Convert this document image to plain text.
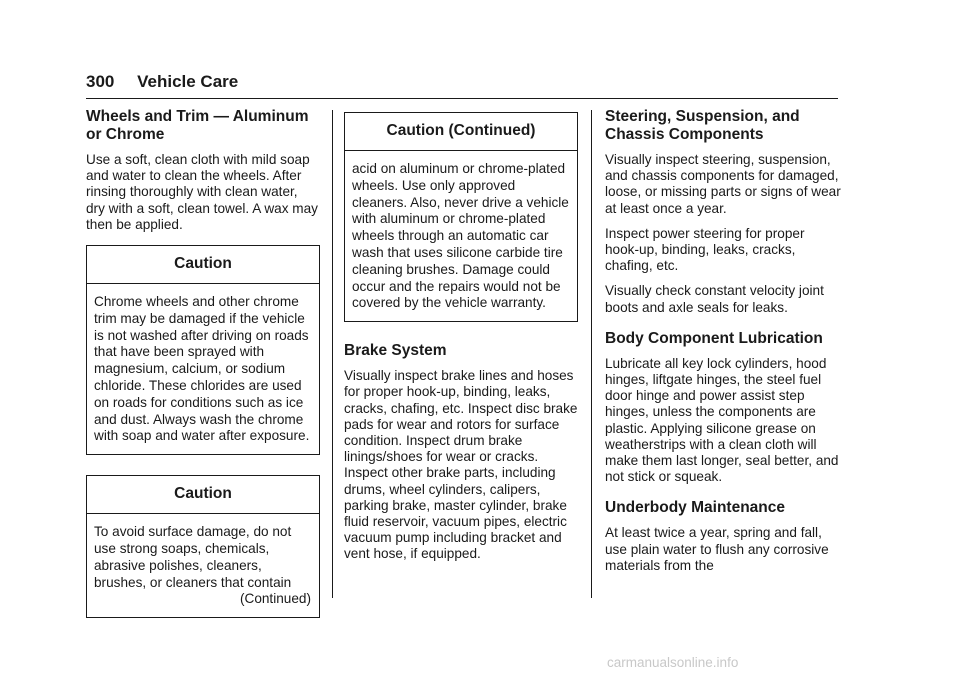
300 Vehicle Care
Wheels and Trim — Aluminum or Chrome

Use a soft, clean cloth with mild soap and water to clean the wheels. After rinsing thoroughly with clean water, dry with a soft, clean towel. A wax may then be applied.

Caution
Chrome wheels and other chrome trim may be damaged if the vehicle is not washed after driving on roads that have been sprayed with magnesium, calcium, or sodium chloride. These chlorides are used on roads for conditions such as ice and dust. Always wash the chrome with soap and water after exposure.
Caution
To avoid surface damage, do not use strong soaps, chemicals, abrasive polishes, cleaners, brushes, or cleaners that contain
(Continued)
Caution (Continued)
acid on aluminum or chrome-plated wheels. Use only approved cleaners. Also, never drive a vehicle with aluminum or chrome-plated wheels through an automatic car wash that uses silicone carbide tire cleaning brushes. Damage could occur and the repairs would not be covered by the vehicle warranty.
Brake System

Visually inspect brake lines and hoses for proper hook-up, binding, leaks, cracks, chafing, etc. Inspect disc brake pads for wear and rotors for surface condition. Inspect drum brake linings/shoes for wear or cracks. Inspect other brake parts, including drums, wheel cylinders, calipers, parking brake, master cylinder, brake fluid reservoir, vacuum pipes, electric vacuum pump including bracket and vent hose, if equipped.

Steering, Suspension, and Chassis Components

Visually inspect steering, suspension, and chassis components for damaged, loose, or missing parts or signs of wear at least once a year.

Inspect power steering for proper hook-up, binding, leaks, cracks, chafing, etc.

Visually check constant velocity joint boots and axle seals for leaks.

Body Component Lubrication

Lubricate all key lock cylinders, hood hinges, liftgate hinges, the steel fuel door hinge and power assist step hinges, unless the components are plastic. Applying silicone grease on weatherstrips with a clean cloth will make them last longer, seal better, and not stick or squeak.

Underbody Maintenance

At least twice a year, spring and fall, use plain water to flush any corrosive materials from the

carmanualsonline.info
